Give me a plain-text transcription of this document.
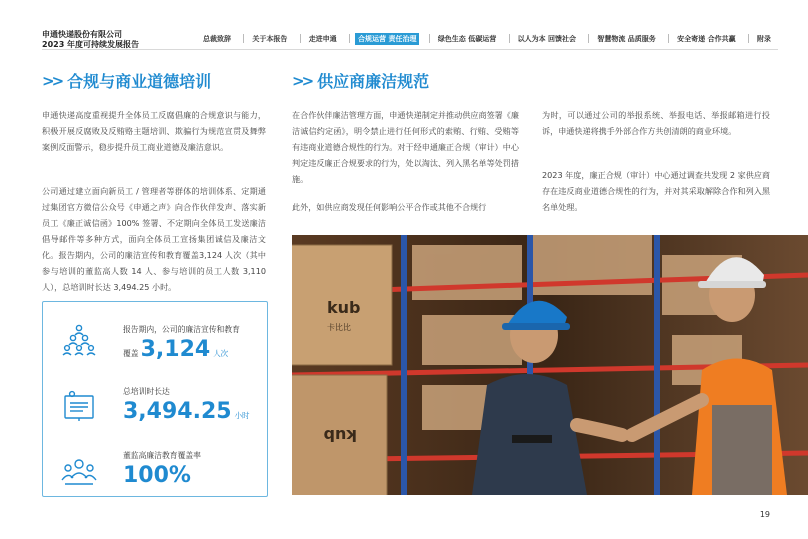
申通快递股份有限公司
2023 年度可持续发展报告
总裁致辞	关于本报告	走进申通	合规运营 责任治理	绿色生态 低碳运营	以人为本 回馈社会	智慧物流 品质服务	安全寄递 合作共赢	附录
>> 合规与商业道德培训

申通快递高度重视提升全体员工反腐倡廉的合规意识与能力，积极开展反腐败及反贿赂主题培训、欺骗行为规范宣贯及舞弊案例反面警示，稳步提升员工商业道德及廉洁意识。

公司通过建立面向新员工 / 管理者等群体的培训体系、定期通过集团官方微信公众号《申通之声》向合作伙伴发声、落实新员工《廉正诚信函》100% 签署、不定期向全体员工发送廉洁倡导邮件等多种方式，面向全体员工宣扬集团诚信及廉洁文化。报告期内，公司的廉洁宣传和教育覆盖3,124 人次（其中参与培训的董监高人数 14 人、参与培训的员工人数 3,110 人），总培训时长达 3,494.25 小时。

报告期内，公司的廉洁宣传和教育
覆盖3,124 人次
总培训时长达
3,494.25 小时
董监高廉洁教育覆盖率
100%
>> 供应商廉洁规范

在合作伙伴廉洁管理方面，申通快递制定并推动供应商签署《廉洁诚信约定函》，明令禁止进行任何形式的索贿、行贿、受贿等有违商业道德合规性的行为。对于经申通廉正合规（审计）中心判定违反廉正合规要求的行为，处以淘汰、列入黑名单等处罚措施。

此外，如供应商发现任何影响公平合作或其他不合规行

为时，可以通过公司的举报系统、举报电话、举报邮箱进行投诉，申通快递将携手外部合作方共创清朗的商业环境。

2023 年度，廉正合规（审计）中心通过调查共发现 2 家供应商存在违反商业道德合规性的行为，并对其采取解除合作和列入黑名单处理。

kub
卡比比
kub
19
